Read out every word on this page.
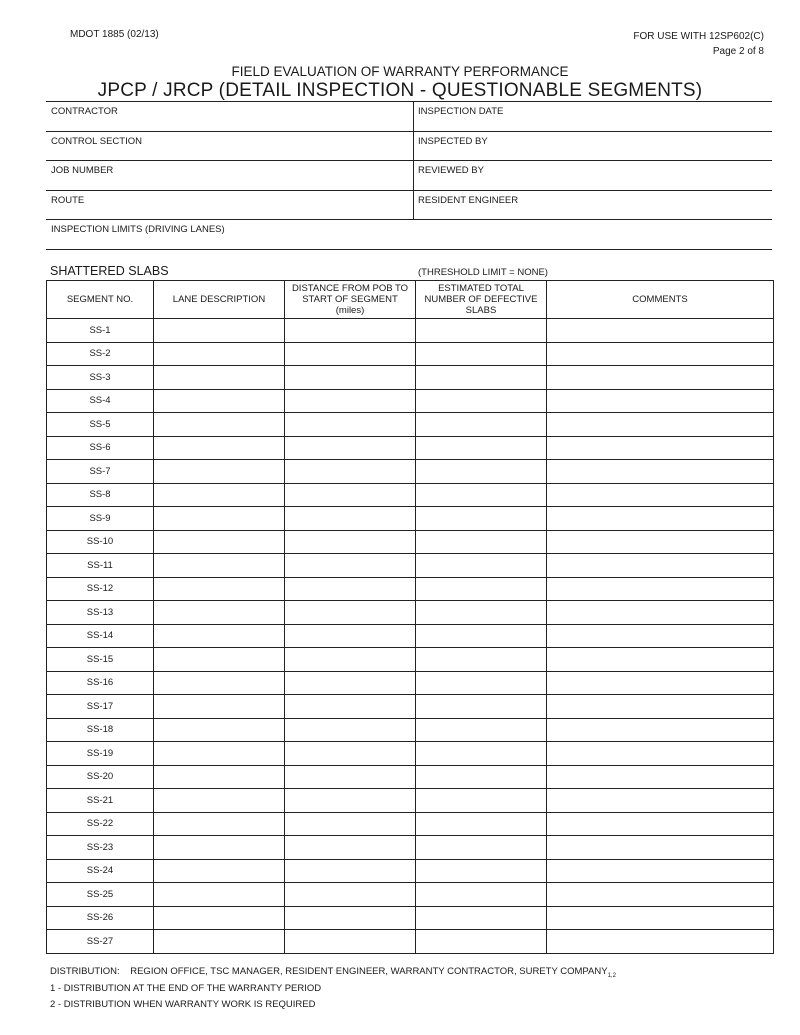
MDOT 1885 (02/13)	FOR USE WITH 12SP602(C)
Page 2 of 8
FIELD EVALUATION OF WARRANTY PERFORMANCE
JPCP / JRCP (DETAIL INSPECTION - QUESTIONABLE SEGMENTS)
CONTRACTOR	INSPECTION DATE
CONTROL SECTION	INSPECTED BY
JOB NUMBER	REVIEWED BY
ROUTE	RESIDENT ENGINEER
INSPECTION LIMITS (DRIVING LANES)
SHATTERED SLABS	(THRESHOLD LIMIT = NONE)
SEGMENT NO.	LANE DESCRIPTION	DISTANCE FROM POB TO START OF SEGMENT (miles)	ESTIMATED TOTAL NUMBER OF DEFECTIVE SLABS	COMMENTS
SS-1				
SS-2				
SS-3				
SS-4				
SS-5				
SS-6				
SS-7				
SS-8				
SS-9				
SS-10				
SS-11				
SS-12				
SS-13				
SS-14				
SS-15				
SS-16				
SS-17				
SS-18				
SS-19				
SS-20				
SS-21				
SS-22				
SS-23				
SS-24				
SS-25				
SS-26				
SS-27				
DISTRIBUTION: REGION OFFICE, TSC MANAGER, RESIDENT ENGINEER, WARRANTY CONTRACTOR, SURETY $COMPANY_{1,2}$
1 - DISTRIBUTION AT THE END OF THE WARRANTY PERIOD
2 - DISTRIBUTION WHEN WARRANTY WORK IS REQUIRED
